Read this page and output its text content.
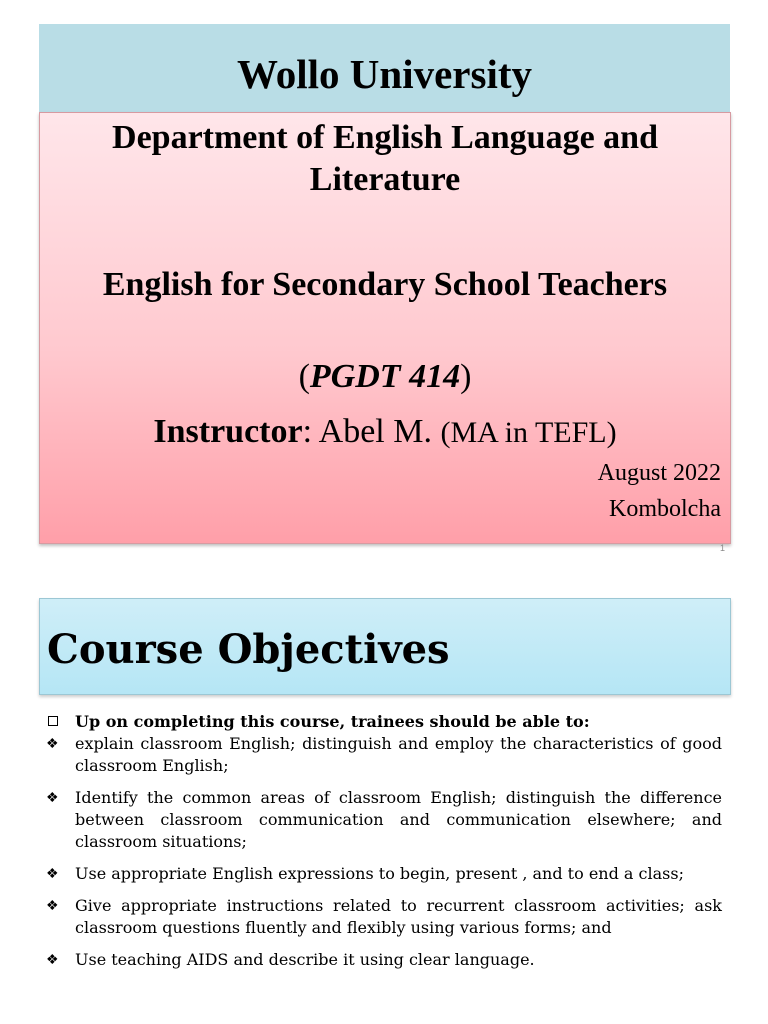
Wollo University
Department of English Language and Literature
English for Secondary School Teachers
(PGDT 414)
Instructor: Abel M. (MA in TEFL)
August 2022
Kombolcha
1
Course Objectives
Up on completing this course, trainees should be able to:
❖	explain classroom English; distinguish and employ the characteristics of good classroom English;
❖	Identify the common areas of classroom English; distinguish the difference between classroom communication and communication elsewhere; and classroom situations;
❖	Use appropriate English expressions to begin, present , and to end a class;
❖	Give appropriate instructions related to recurrent classroom activities; ask classroom questions fluently and flexibly using various forms; and
❖	Use teaching AIDS and describe it using clear language.
